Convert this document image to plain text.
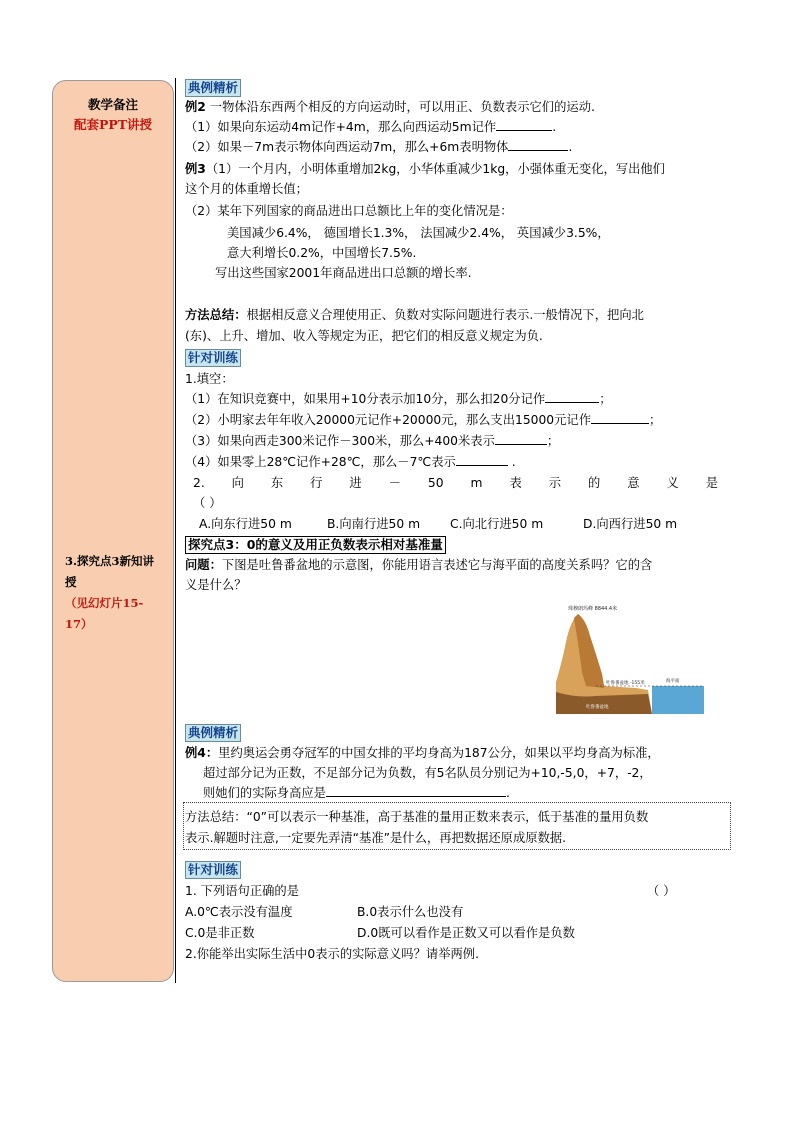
教学备注
配套PPT讲授
3.探究点3新知讲授
（见幻灯片15-17）
典例精析
例2 一物体沿东西两个相反的方向运动时，可以用正、负数表示它们的运动.
（1）如果向东运动4m记作+4m，那么向西运动5m记作	.
（2）如果－7m表示物体向西运动7m，那么+6m表明物体	.
例3（1）一个月内，小明体重增加2kg，小华体重减少1kg，小强体重无变化，写出他们
这个月的体重增长值；
（2）某年下列国家的商品进出口总额比上年的变化情况是：
美国减少6.4%， 德国增长1.3%， 法国减少2.4%， 英国减少3.5%，
意大利增长0.2%，中国增长7.5%.
写出这些国家2001年商品进出口总额的增长率.
方法总结：根据相反意义合理使用正、负数对实际问题进行表示.一般情况下，把向北
(东)、上升、增加、收入等规定为正，把它们的相反意义规定为负.
针对训练
1.填空：
（1）在知识竞赛中，如果用+10分表示加10分，那么扣20分记作	；
（2）小明家去年年收入20000元记作+20000元，那么支出15000元记作	；
（3）如果向西走300米记作－300米，那么+400米表示	；
（4）如果零上28℃记作+28℃，那么－7℃表示	.
2. 向 东 行 进 － 50 m 表 示 的 意 义 是
（ ）
A.向东行进50 m	B.向南行进50 m C.向北行进50 m	D.向西行进50 m
探究点3：0的意义及用正负数表示相对基准量
问题：下图是吐鲁番盆地的示意图，你能用语言表述它与海平面的高度关系吗？它的含
义是什么？
典例精析
例4：里约奥运会勇夺冠军的中国女排的平均身高为187公分，如果以平均身高为标准，
超过部分记为正数，不足部分记为负数，有5名队员分别记为+10,-5,0，+7，-2，
则她们的实际身高应是	.
方法总结：“0”可以表示一种基准，高于基准的量用正数来表示，低于基准的量用负数
表示.解题时注意,一定要先弄清“基准”是什么，再把数据还原成原数据.
针对训练
1. 下列语句正确的是	（ ）
A.0℃表示没有温度	B.0表示什么也没有
C.0是非正数	D.0既可以看作是正数又可以看作是负数
2.你能举出实际生活中0表示的实际意义吗？请举两例.
珠穆朗玛峰 8844.4米
吐鲁番盆地 -155米	海平面
吐鲁番盆地
